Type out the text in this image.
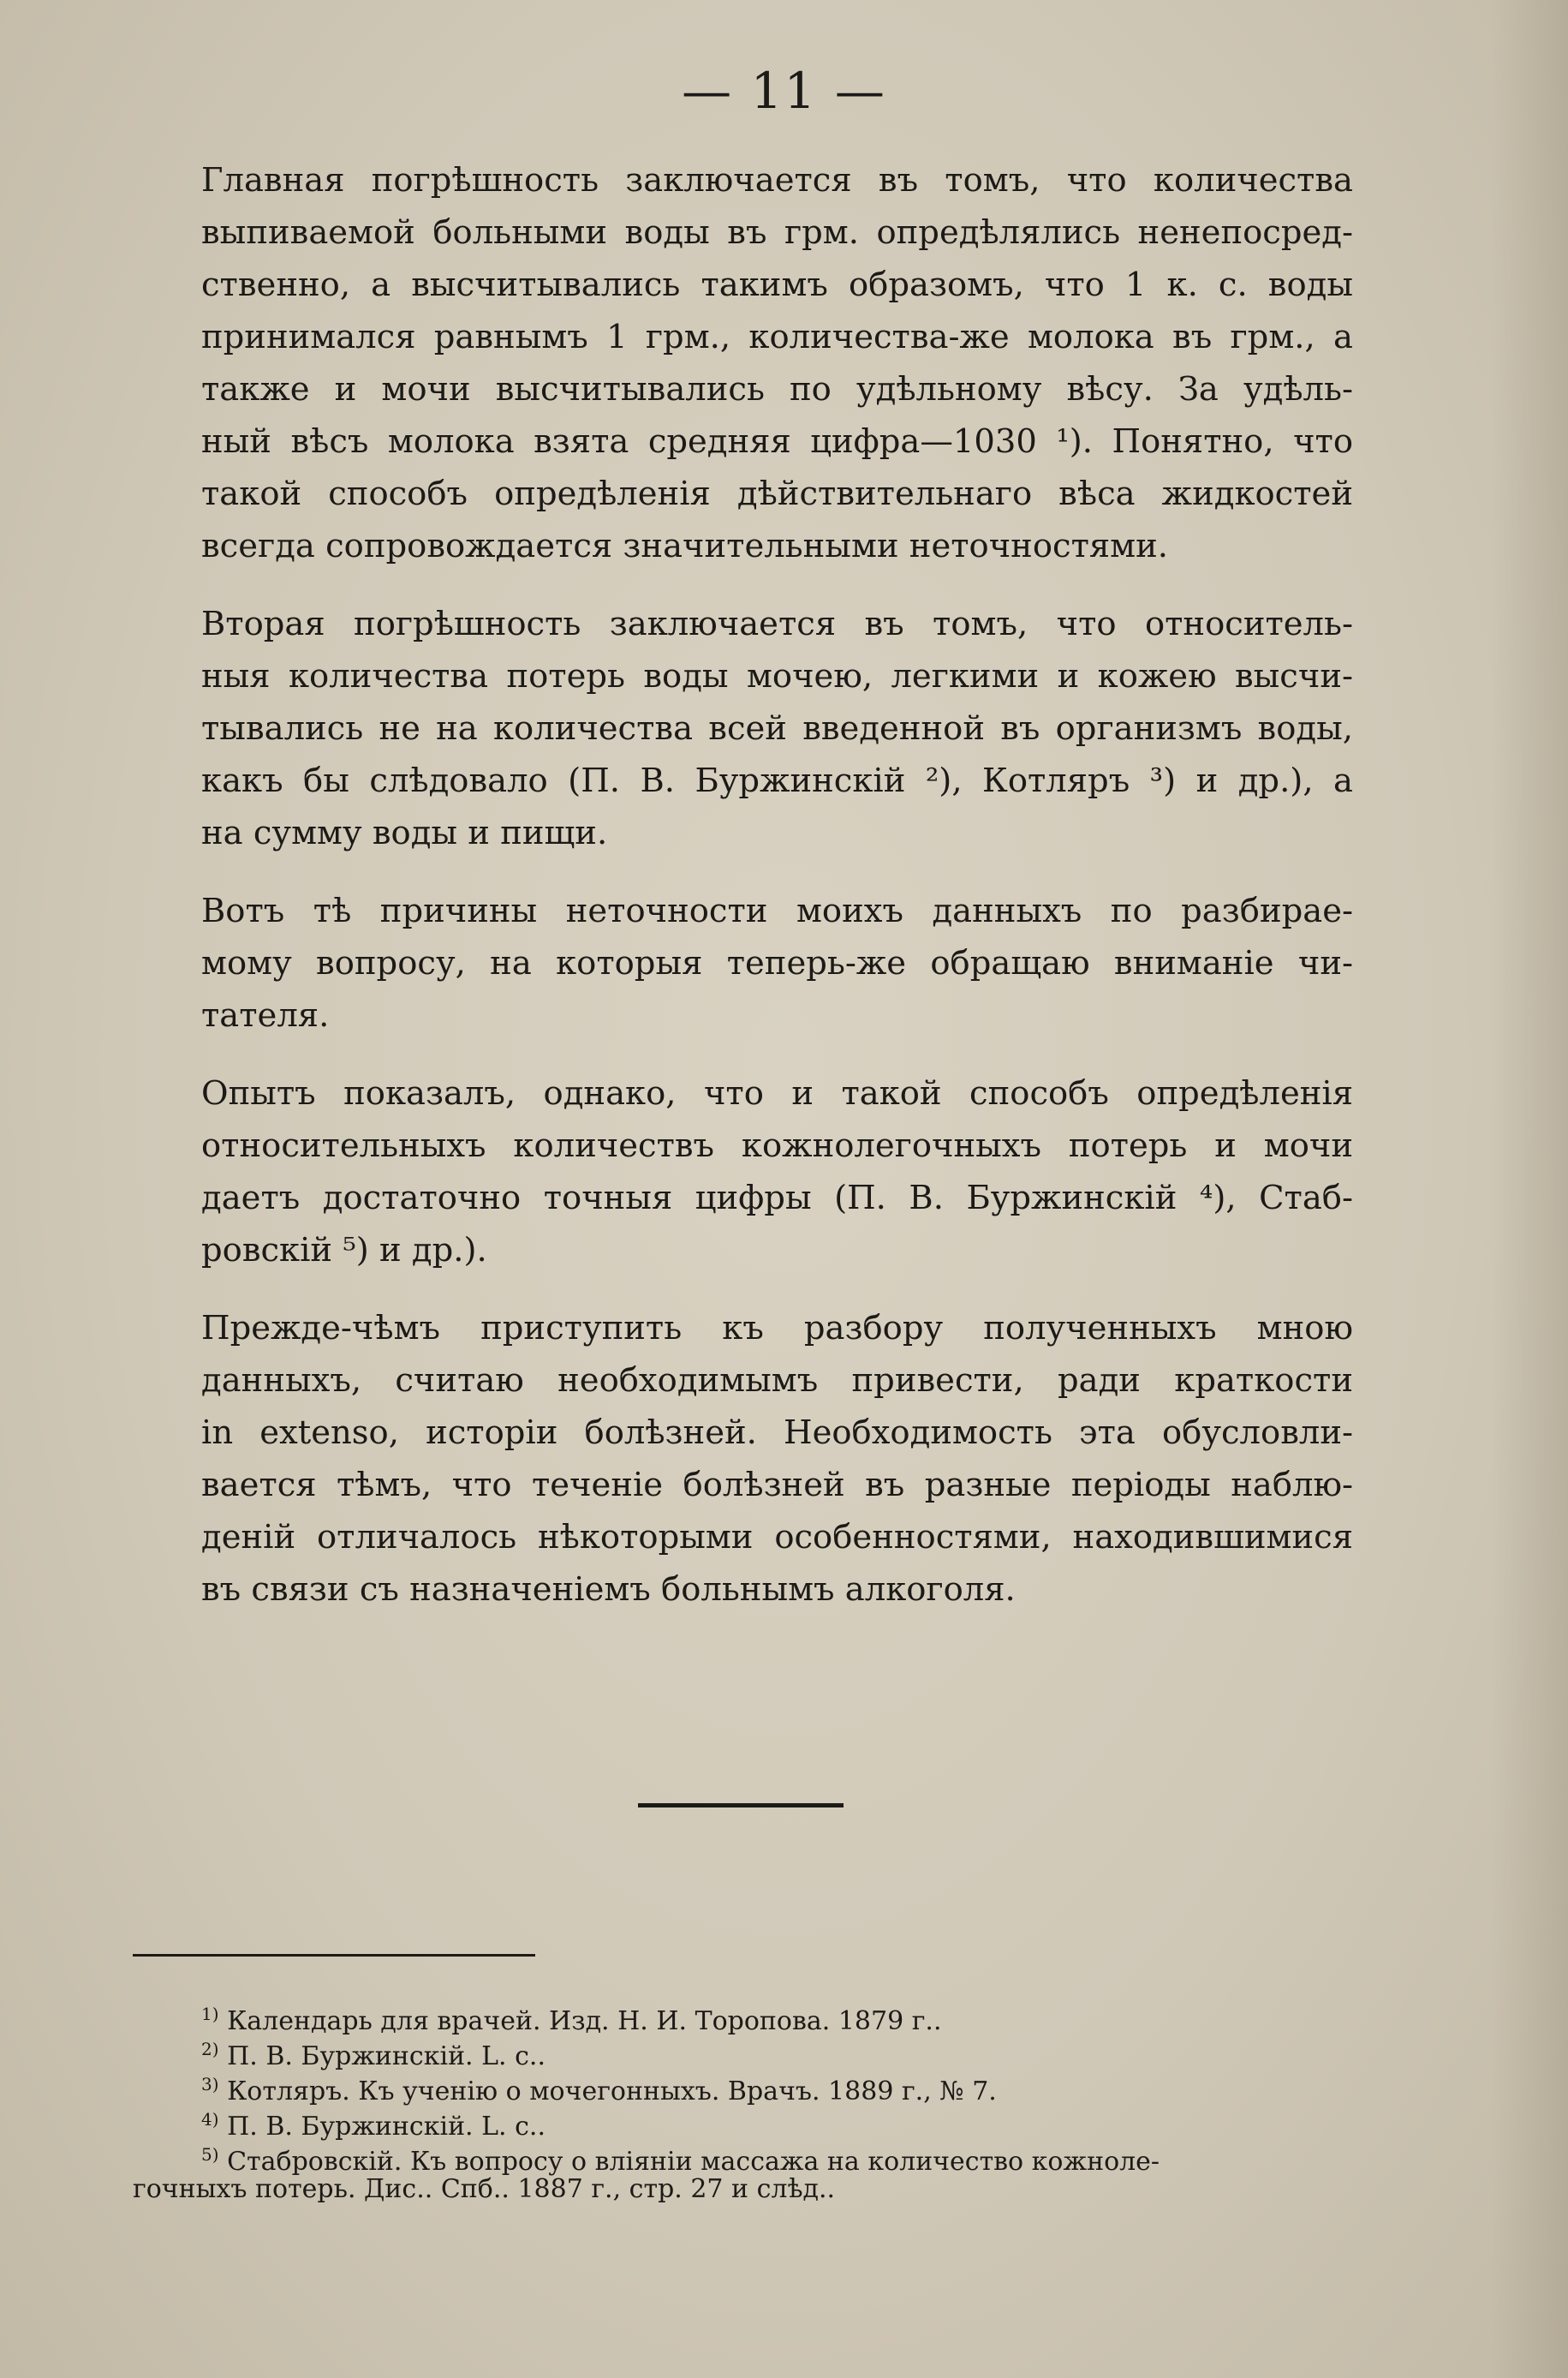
— 11 —

Главная погрѣшность заключается въ томъ, что количества
выпиваемой больными воды въ грм. опредѣлялись ненепосред-
ственно, а высчитывались такимъ образомъ, что 1 к. с. воды
принимался равнымъ 1 грм., количества-же молока въ грм., а
также и мочи высчитывались по удѣльному вѣсу. За удѣль-
ный вѣсъ молока взята средняя цифра—1030 ¹). Понятно, что
такой способъ опредѣленія дѣйствительнаго вѣса жидкостей
всегда сопровождается значительными неточностями.

Вторая погрѣшность заключается въ томъ, что относитель-
ныя количества потерь воды мочею, легкими и кожею высчи-
тывались не на количества всей введенной въ организмъ воды,
какъ бы слѣдовало (П. В. Буржинскій ²), Котляръ ³) и др.), а
на сумму воды и пищи.

Вотъ тѣ причины неточности моихъ данныхъ по разбирае-
мому вопросу, на которыя теперь-же обращаю вниманіе чи-
тателя.

Опытъ показалъ, однако, что и такой способъ опредѣленія
относительныхъ количествъ кожнолегочныхъ потерь и мочи
даетъ достаточно точныя цифры (П. В. Буржинскій ⁴), Стаб-
ровскій ⁵) и др.).

Прежде-чѣмъ приступить къ разбору полученныхъ мною
данныхъ, считаю необходимымъ привести, ради краткости
in extenso, исторіи болѣзней. Необходимость эта обусловли-
вается тѣмъ, что теченіе болѣзней въ разные періоды наблю-
деній отличалось нѣкоторыми особенностями, находившимися
въ связи съ назначеніемъ больнымъ алкоголя.

$^{1)}$ Календарь для врачей. Изд. Н. И. Торопова. 1879 г..
$^{2)}$ П. В. Буржинскій. L. c..
$^{3)}$ Котляръ. Къ ученію о мочегонныхъ. Врачъ. 1889 г., № 7.
$^{4)}$ П. В. Буржинскій. L. c..
$^{5)}$ Стабровскій. Къ вопросу о вліяніи массажа на количество кожноле-
гочныхъ потерь. Дис.. Спб.. 1887 г., стр. 27 и слѣд..
